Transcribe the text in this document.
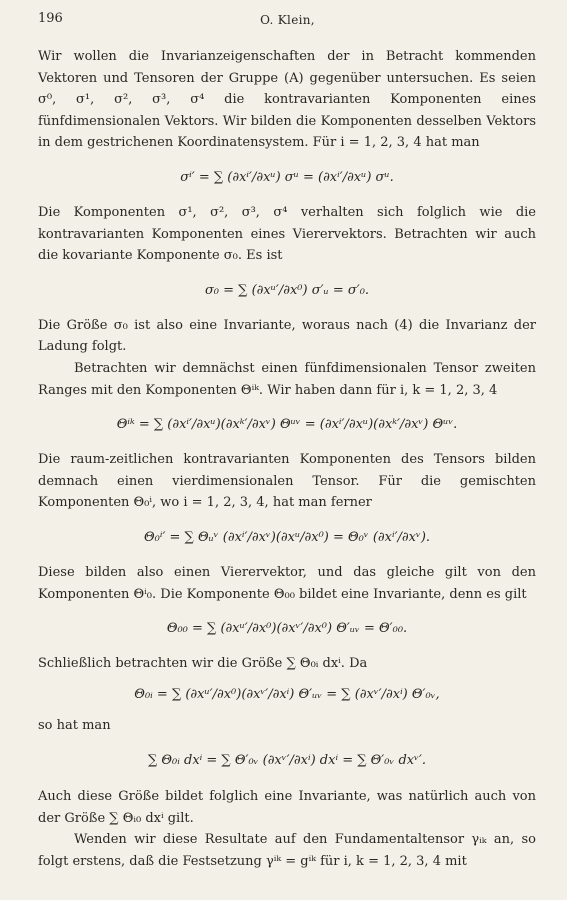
196	O. Klein,

Wir wollen die Invarianzeigenschaften der in Betracht kommenden Vektoren und Tensoren der Gruppe (A) gegenüber untersuchen. Es seien σ⁰, σ¹, σ², σ³, σ⁴ die kontravarianten Komponenten eines fünfdimensionalen Vektors. Wir bilden die Komponenten desselben Vektors in dem gestrichenen Koordinatensystem. Für i = 1, 2, 3, 4 hat man

σⁱ′ = ∑ (∂xⁱ′/∂xᵘ) σᵘ = (∂xⁱ′/∂xᵘ) σᵘ.

Die Komponenten σ¹, σ², σ³, σ⁴ verhalten sich folglich wie die kontravarianten Komponenten eines Vierervektors. Betrachten wir auch die kovariante Komponente σ₀. Es ist

σ₀ = ∑ (∂xᵘ′/∂x⁰) σ′ᵤ = σ′₀.

Die Größe σ₀ ist also eine Invariante, woraus nach (4) die Invarianz der Ladung folgt.

Betrachten wir demnächst einen fünfdimensionalen Tensor zweiten Ranges mit den Komponenten Θⁱᵏ. Wir haben dann für i, k = 1, 2, 3, 4

Θⁱᵏ = ∑ (∂xⁱ′/∂xᵘ)(∂xᵏ′/∂xᵛ) Θᵘᵛ = (∂xⁱ′/∂xᵘ)(∂xᵏ′/∂xᵛ) Θᵘᵛ.

Die raum-zeitlichen kontravarianten Komponenten des Tensors bilden demnach einen vierdimensionalen Tensor. Für die gemischten Komponenten Θ₀ⁱ, wo i = 1, 2, 3, 4, hat man ferner

Θ₀ⁱ′ = ∑ Θᵤᵛ (∂xⁱ′/∂xᵛ)(∂xᵘ/∂x⁰) = Θ₀ᵛ (∂xⁱ′/∂xᵛ).

Diese bilden also einen Vierervektor, und das gleiche gilt von den Komponenten Θⁱ₀. Die Komponente Θ₀₀ bildet eine Invariante, denn es gilt

Θ₀₀ = ∑ (∂xᵘ′/∂x⁰)(∂xᵛ′/∂x⁰) Θ′ᵤᵥ = Θ′₀₀.

Schließlich betrachten wir die Größe ∑ Θ₀ᵢ dxⁱ. Da

Θ₀ᵢ = ∑ (∂xᵘ′/∂x⁰)(∂xᵛ′/∂xⁱ) Θ′ᵤᵥ = ∑ (∂xᵛ′/∂xⁱ) Θ′₀ᵥ,

so hat man

∑ Θ₀ᵢ dxⁱ = ∑ Θ′₀ᵥ (∂xᵛ′/∂xⁱ) dxⁱ = ∑ Θ′₀ᵥ dxᵛ′.

Auch diese Größe bildet folglich eine Invariante, was natürlich auch von der Größe ∑ Θᵢ₀ dxⁱ gilt.

Wenden wir diese Resultate auf den Fundamentaltensor γᵢₖ an, so folgt erstens, daß die Festsetzung γⁱᵏ = gⁱᵏ für i, k = 1, 2, 3, 4 mit
